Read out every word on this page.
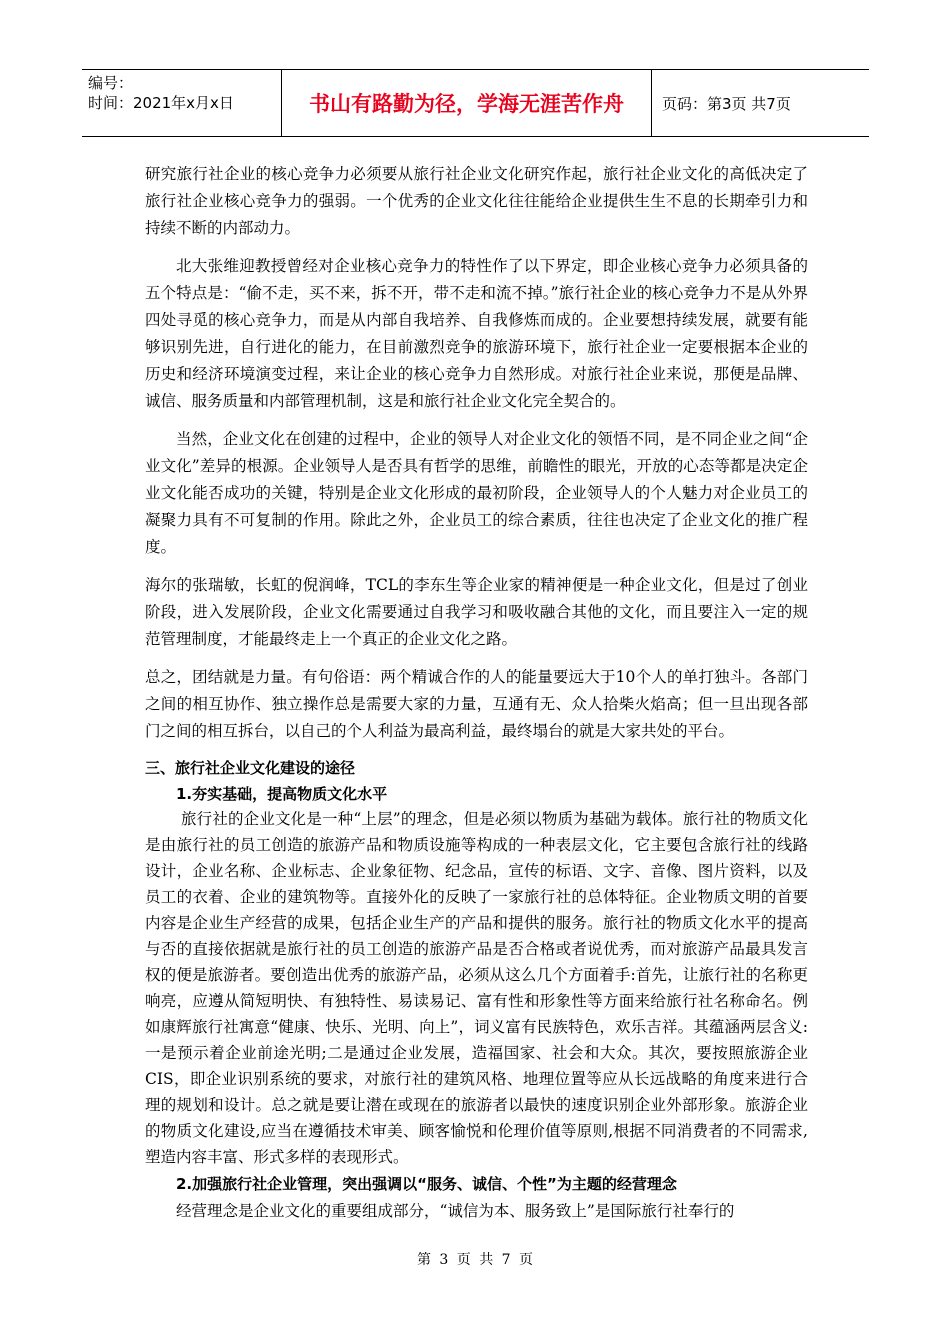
编号：
时间：2021年x月x日	书山有路勤为径，学海无涯苦作舟	页码：第3页 共7页

研究旅行社企业的核心竞争力必须要从旅行社企业文化研究作起，旅行社企业文化的高低决定了旅行社企业核心竞争力的强弱。一个优秀的企业文化往往能给企业提供生生不息的长期牵引力和持续不断的内部动力。

北大张维迎教授曾经对企业核心竞争力的特性作了以下界定，即企业核心竞争力必须具备的五个特点是：“偷不走，买不来，拆不开，带不走和流不掉。”旅行社企业的核心竞争力不是从外界四处寻觅的核心竞争力，而是从内部自我培养、自我修炼而成的。企业要想持续发展，就要有能够识别先进，自行进化的能力，在目前激烈竞争的旅游环境下，旅行社企业一定要根据本企业的历史和经济环境演变过程，来让企业的核心竞争力自然形成。对旅行社企业来说，那便是品牌、诚信、服务质量和内部管理机制，这是和旅行社企业文化完全契合的。

当然，企业文化在创建的过程中，企业的领导人对企业文化的领悟不同，是不同企业之间“企业文化”差异的根源。企业领导人是否具有哲学的思维，前瞻性的眼光，开放的心态等都是决定企业文化能否成功的关键，特别是企业文化形成的最初阶段，企业领导人的个人魅力对企业员工的凝聚力具有不可复制的作用。除此之外，企业员工的综合素质，往往也决定了企业文化的推广程度。

海尔的张瑞敏，长虹的倪润峰，TCL的李东生等企业家的精神便是一种企业文化，但是过了创业阶段，进入发展阶段，企业文化需要通过自我学习和吸收融合其他的文化，而且要注入一定的规范管理制度，才能最终走上一个真正的企业文化之路。

总之，团结就是力量。有句俗语：两个精诚合作的人的能量要远大于10个人的单打独斗。各部门之间的相互协作、独立操作总是需要大家的力量，互通有无、众人拾柴火焰高；但一旦出现各部门之间的相互拆台，以自己的个人利益为最高利益，最终塌台的就是大家共处的平台。

三、旅行社企业文化建设的途径

1.夯实基础，提高物质文化水平

旅行社的企业文化是一种“上层”的理念，但是必须以物质为基础为载体。旅行社的物质文化是由旅行社的员工创造的旅游产品和物质设施等构成的一种表层文化，它主要包含旅行社的线路设计，企业名称、企业标志、企业象征物、纪念品，宣传的标语、文字、音像、图片资料，以及员工的衣着、企业的建筑物等。直接外化的反映了一家旅行社的总体特征。企业物质文明的首要内容是企业生产经营的成果，包括企业生产的产品和提供的服务。旅行社的物质文化水平的提高与否的直接依据就是旅行社的员工创造的旅游产品是否合格或者说优秀，而对旅游产品最具发言权的便是旅游者。要创造出优秀的旅游产品，必须从这么几个方面着手:首先，让旅行社的名称更响亮，应遵从简短明快、有独特性、易读易记、富有性和形象性等方面来给旅行社名称命名。例如康辉旅行社寓意“健康、快乐、光明、向上”，词义富有民族特色，欢乐吉祥。其蕴涵两层含义:一是预示着企业前途光明;二是通过企业发展，造福国家、社会和大众。其次，要按照旅游企业CIS，即企业识别系统的要求，对旅行社的建筑风格、地理位置等应从长远战略的角度来进行合理的规划和设计。总之就是要让潜在或现在的旅游者以最快的速度识别企业外部形象。旅游企业的物质文化建设,应当在遵循技术审美、顾客愉悦和伦理价值等原则,根据不同消费者的不同需求,塑造内容丰富、形式多样的表现形式。

2.加强旅行社企业管理，突出强调以“服务、诚信、个性”为主题的经营理念

经营理念是企业文化的重要组成部分，“诚信为本、服务致上”是国际旅行社奉行的

第 3 页 共 7 页
